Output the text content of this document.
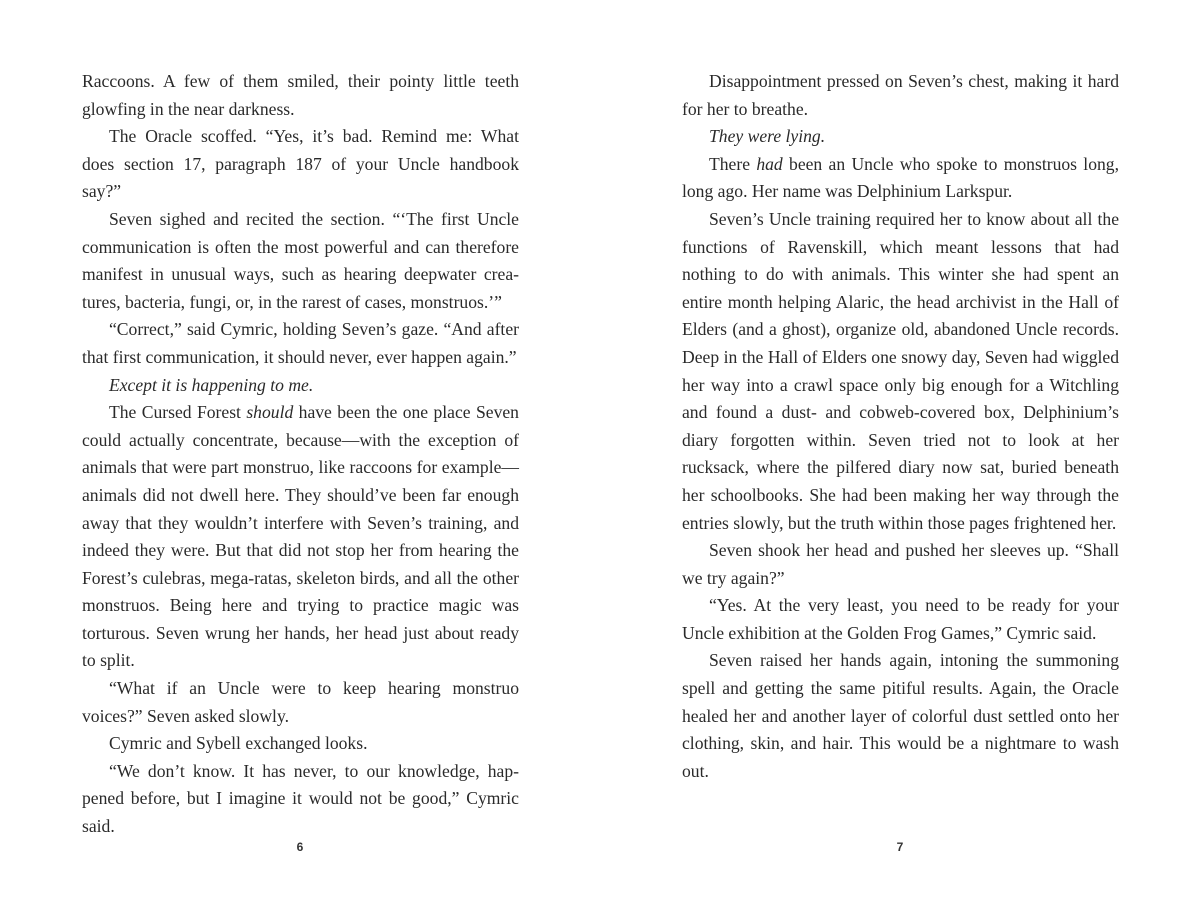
Raccoons. A few of them smiled, their pointy little teeth glowfing in the near darkness.

The Oracle scoffed. “Yes, it’s bad. Remind me: What does section 17, paragraph 187 of your Uncle handbook say?”

Seven sighed and recited the section. “‘The first Uncle communication is often the most powerful and can therefore manifest in unusual ways, such as hearing deepwater creatures, bacteria, fungi, or, in the rarest of cases, monstruos.’”

“Correct,” said Cymric, holding Seven’s gaze. “And after that first communication, it should never, ever happen again.”

Except it is happening to me.

The Cursed Forest should have been the one place Seven could actually concentrate, because—with the exception of animals that were part monstruo, like raccoons for example—animals did not dwell here. They should’ve been far enough away that they wouldn’t interfere with Seven’s training, and indeed they were. But that did not stop her from hearing the Forest’s culebras, mega-ratas, skeleton birds, and all the other monstruos. Being here and trying to practice magic was torturous. Seven wrung her hands, her head just about ready to split.

“What if an Uncle were to keep hearing monstruo voices?” Seven asked slowly.

Cymric and Sybell exchanged looks.

“We don’t know. It has never, to our knowledge, happened before, but I imagine it would not be good,” Cymric said.

Disappointment pressed on Seven’s chest, making it hard for her to breathe.

They were lying.

There had been an Uncle who spoke to monstruos long, long ago. Her name was Delphinium Larkspur.

Seven’s Uncle training required her to know about all the functions of Ravenskill, which meant lessons that had nothing to do with animals. This winter she had spent an entire month helping Alaric, the head archivist in the Hall of Elders (and a ghost), organize old, abandoned Uncle records. Deep in the Hall of Elders one snowy day, Seven had wiggled her way into a crawl space only big enough for a Witchling and found a dust- and cobweb-covered box, Delphinium’s diary forgotten within. Seven tried not to look at her rucksack, where the pilfered diary now sat, buried beneath her schoolbooks. She had been making her way through the entries slowly, but the truth within those pages frightened her.

Seven shook her head and pushed her sleeves up. “Shall we try again?”

“Yes. At the very least, you need to be ready for your Uncle exhibition at the Golden Frog Games,” Cymric said.

Seven raised her hands again, intoning the summoning spell and getting the same pitiful results. Again, the Oracle healed her and another layer of colorful dust settled onto her clothing, skin, and hair. This would be a nightmare to wash out.

6	7
